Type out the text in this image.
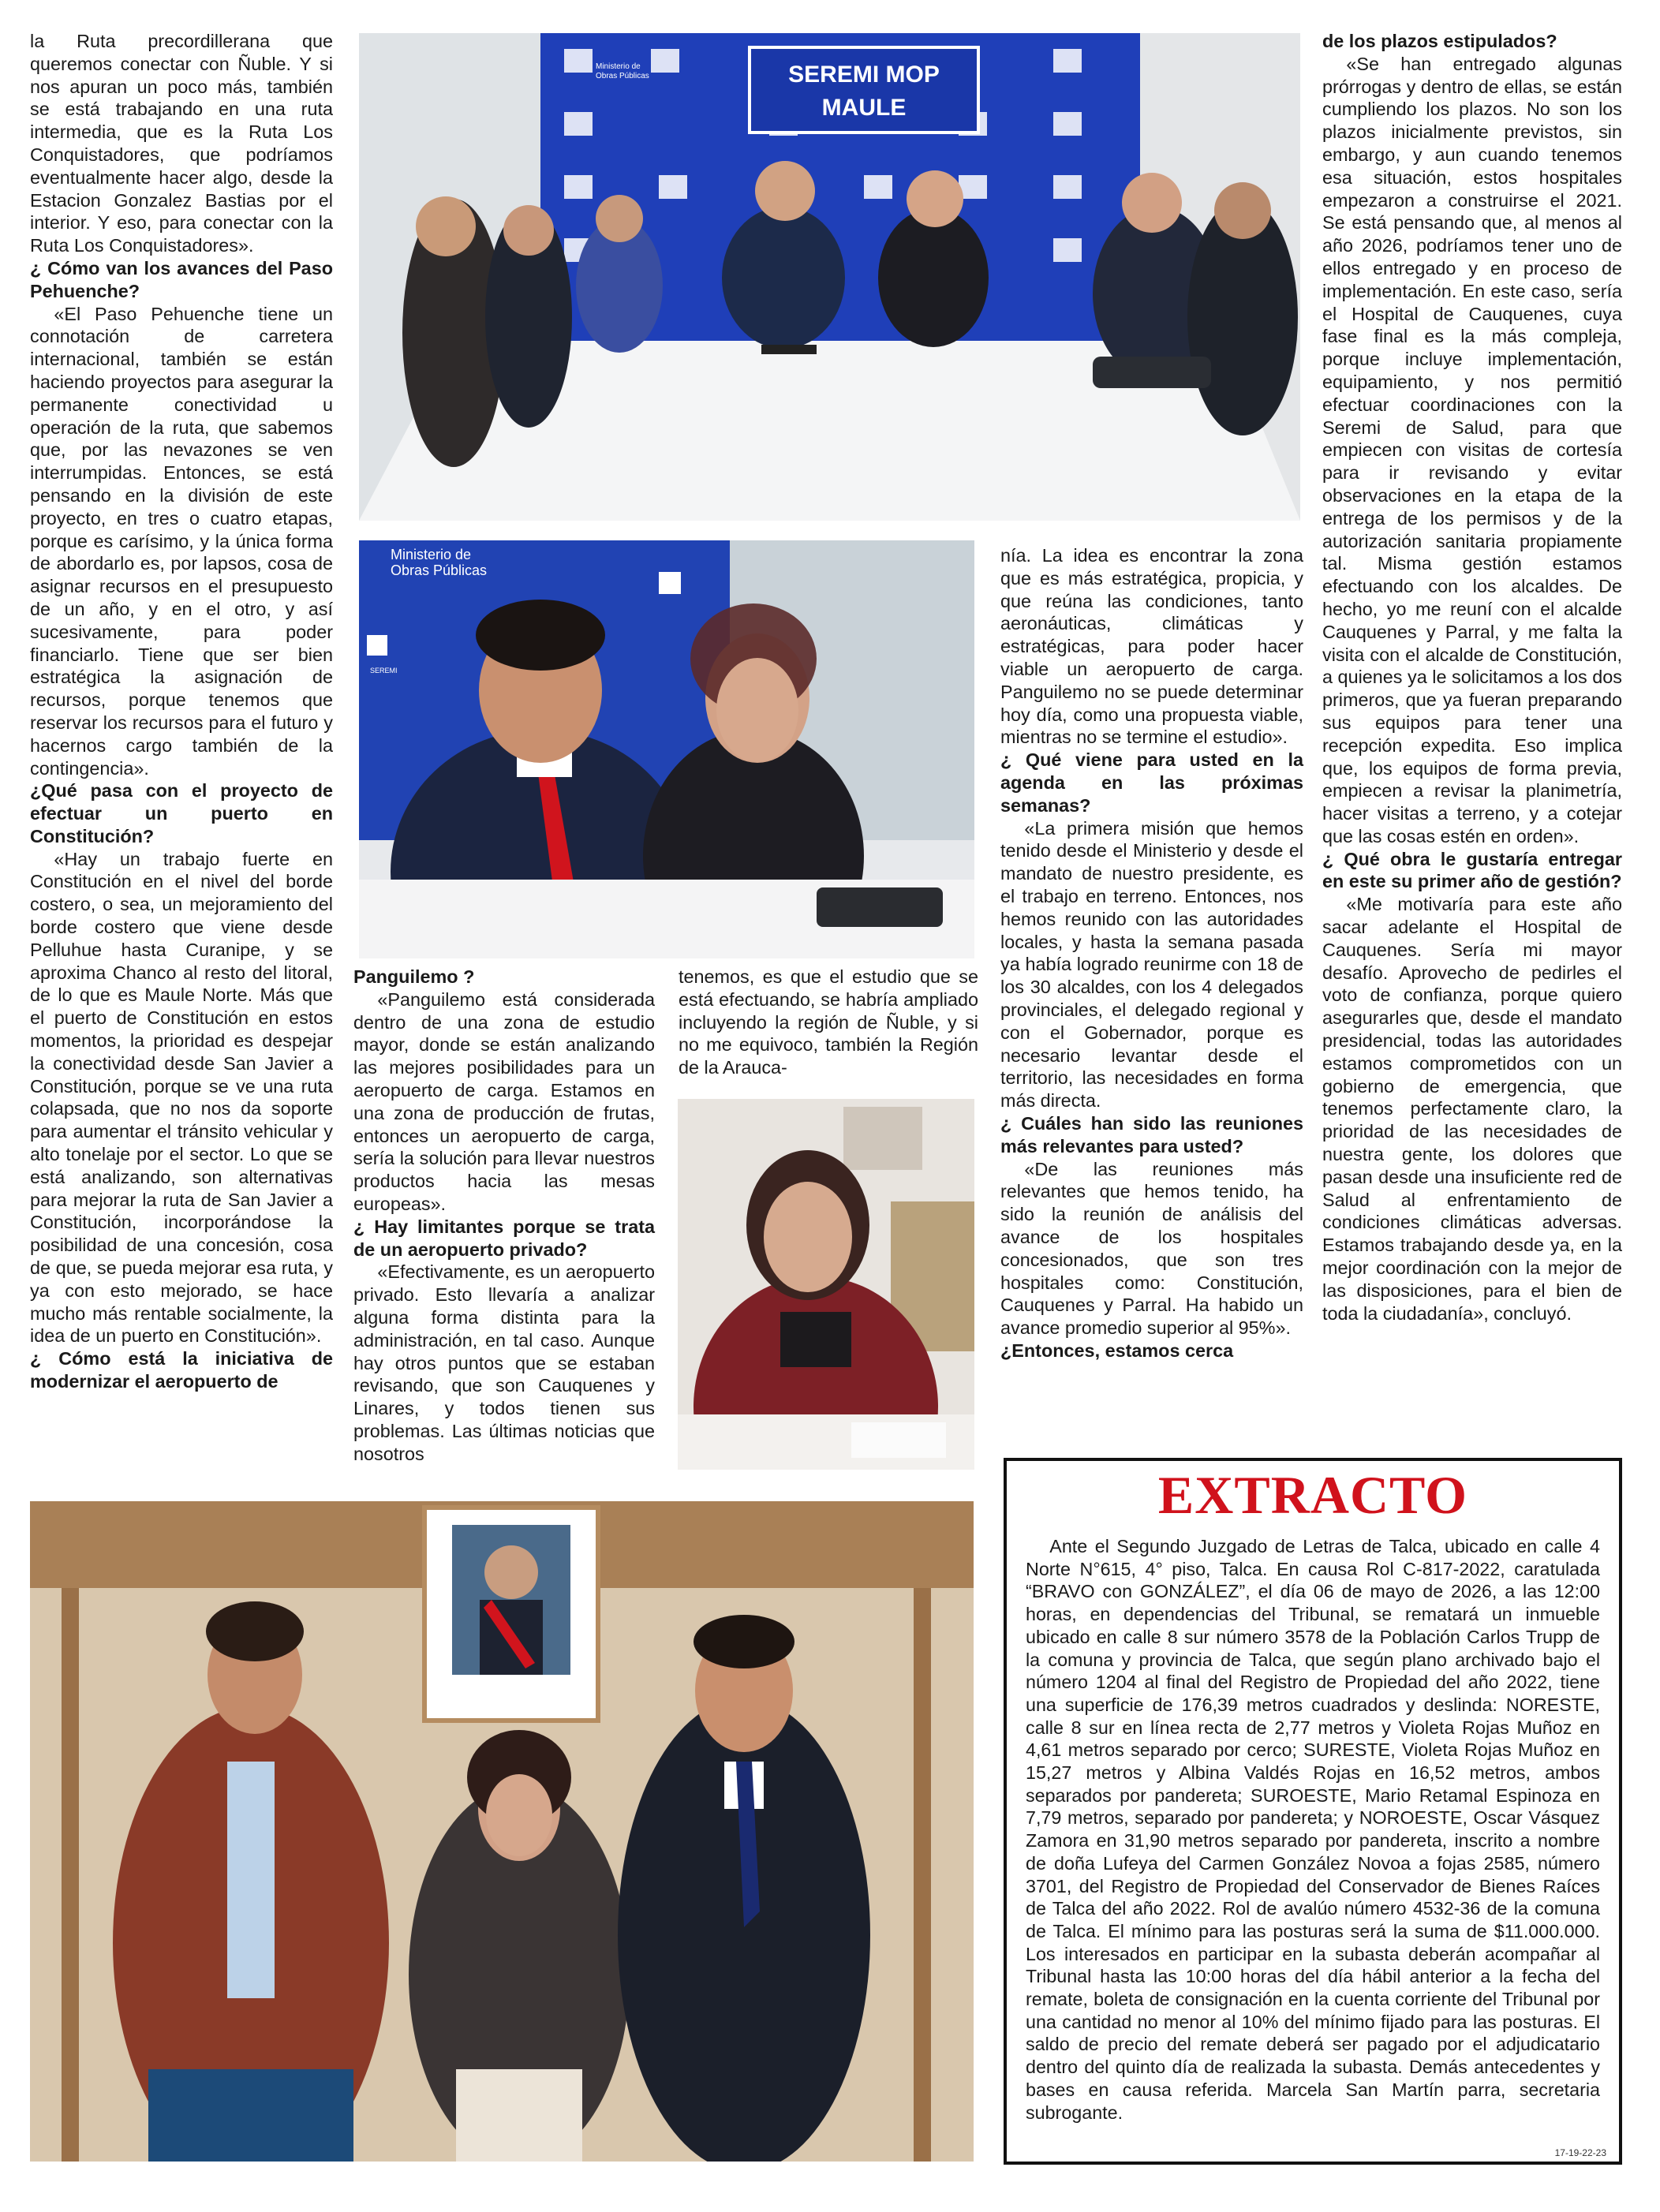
la Ruta precordillerana que queremos conectar con Ñuble. Y si nos apuran un poco más, también se está trabajando en una ruta intermedia, que es la Ruta Los Conquistadores, que podríamos eventualmente hacer algo, desde la Estacion Gonzalez Bastias por el interior. Y eso, para conectar con la Ruta Los Conquistadores».

¿ Cómo van los avances del Paso Pehuenche?

«El Paso Pehuenche tiene un connotación de carretera internacional, también se están haciendo proyectos para asegurar la permanente conectividad u operación de la ruta, que sabemos que, por las nevazones se ven interrumpidas. Entonces, se está pensando en la división de este proyecto, en tres o cuatro etapas, porque es carísimo, y la única forma de abordarlo es, por lapsos, cosa de asignar recursos en el presupuesto de un año, y en el otro, y así sucesivamente, para poder financiarlo. Tiene que ser bien estratégica la asignación de recursos, porque tenemos que reservar los recursos para el futuro y hacernos cargo también de la contingencia».

¿Qué pasa con el proyecto de efectuar un puerto en Constitución?

«Hay un trabajo fuerte en Constitución en el nivel del borde costero, o sea, un mejoramiento del borde costero que viene desde Pelluhue hasta Curanipe, y se aproxima Chanco al resto del litoral, de lo que es Maule Norte. Más que el puerto de Constitución en estos momentos, la prioridad es despejar la conectividad desde San Javier a Constitución, porque se ve una ruta colapsada, que no nos da soporte para aumentar el tránsito vehicular y alto tonelaje por el sector. Lo que se está analizando, son alternativas para mejorar la ruta de San Javier a Constitución, incorporándose la posibilidad de una concesión, cosa de que, se pueda mejorar esa ruta, y ya con esto mejorado, se hace mucho más rentable socialmente, la idea de un puerto en Constitución».

¿ Cómo está la iniciativa de modernizar el aeropuerto de

Panguilemo ?

«Panguilemo está considerada dentro de una zona de estudio mayor, donde se están analizando las mejores posibilidades para un aeropuerto de carga. Estamos en una zona de producción de frutas, entonces un aeropuerto de carga, sería la solución para llevar nuestros productos hacia las mesas europeas».

¿ Hay limitantes porque se trata de un aeropuerto privado?

«Efectivamente, es un aeropuerto privado. Esto llevaría a analizar alguna forma distinta para la administración, en tal caso. Aunque hay otros puntos que se estaban revisando, que son Cauquenes y Linares, y todos tienen sus problemas. Las últimas noticias que nosotros

tenemos, es que el estudio que se está efectuando, se habría ampliado incluyendo la región de Ñuble, y si no me equivoco, también la Región de la Arauca-

nía. La idea es encontrar la zona que es más estratégica, propicia, y que reúna las condiciones, tanto aeronáuticas, climáticas y estratégicas, para poder hacer viable un aeropuerto de carga. Panguilemo no se puede determinar hoy día, como una propuesta viable, mientras no se termine el estudio».

¿ Qué viene para usted en la agenda en las próximas semanas?

«La primera misión que hemos tenido desde el Ministerio y desde el mandato de nuestro presidente, es el trabajo en terreno. Entonces, nos hemos reunido con las autoridades locales, y hasta la semana pasada ya había logrado reunirme con 18 de los 30 alcaldes, con los 4 delegados provinciales, el delegado regional y con el Gobernador, porque es necesario levantar desde el territorio, las necesidades en forma más directa.

¿ Cuáles han sido las reuniones más relevantes para usted?

«De las reuniones más relevantes que hemos tenido, ha sido la reunión de análisis del avance de los hospitales concesionados, que son tres hospitales como: Constitución, Cauquenes y Parral. Ha habido un avance promedio superior al 95%».

¿Entonces, estamos cerca

de los plazos estipulados?

«Se han entregado algunas prórrogas y dentro de ellas, se están cumpliendo los plazos. No son los plazos inicialmente previstos, sin embargo, y aun cuando tenemos esa situación, estos hospitales empezaron a construirse el 2021. Se está pensando que, al menos al año 2026, podríamos tener uno de ellos entregado y en proceso de implementación. En este caso, sería el Hospital de Cauquenes, cuya fase final es la más compleja, porque incluye implementación, equipamiento, y nos permitió efectuar coordinaciones con la Seremi de Salud, para que empiecen con visitas de cortesía para ir revisando y evitar observaciones en la etapa de la entrega de los permisos y de la autorización sanitaria propiamente tal. Misma gestión estamos efectuando con los alcaldes. De hecho, yo me reuní con el alcalde Cauquenes y Parral, y me falta la visita con el alcalde de Constitución, a quienes ya le solicitamos a los dos primeros, que ya fueran preparando sus equipos para tener una recepción expedita. Eso implica que, los equipos de forma previa, empiecen a revisar la planimetría, hacer visitas a terreno, y a cotejar que las cosas estén en orden».

¿ Qué obra le gustaría entregar en este su primer año de gestión?

«Me motivaría para este año sacar adelante el Hospital de Cauquenes. Sería mi mayor desafío. Aprovecho de pedirles el voto de confianza, porque quiero asegurarles que, desde el mandato presidencial, todas las autoridades estamos comprometidos con un gobierno de emergencia, que tenemos perfectamente claro, la prioridad de las necesidades de nuestra gente, los dolores que pasan desde una insuficiente red de Salud al enfrentamiento de condiciones climáticas adversas. Estamos trabajando desde ya, en la mejor coordinación con la mejor de las disposiciones, para el bien de toda la ciudadanía», concluyó.

Ministerio de
Obras Públicas	SEREMI MOP
MAULE
Ministerio de
Obras Públicas
SEREMI
EXTRACTO

Ante el Segundo Juzgado de Letras de Talca, ubicado en calle 4 Norte N°615, 4° piso, Talca. En causa Rol C-817-2022, caratulada “BRAVO con GONZÁLEZ”, el día 06 de mayo de 2026, a las 12:00 horas, en dependencias del Tribunal, se rematará un inmueble ubicado en calle 8 sur número 3578 de la Población Carlos Trupp de la comuna y provincia de Talca, que según plano archivado bajo el número 1204 al final del Registro de Propiedad del año 2022, tiene una superficie de 176,39 metros cuadrados y deslinda: NORESTE, calle 8 sur en línea recta de 2,77 metros y Violeta Rojas Muñoz en 4,61 metros separado por cerco; SURESTE, Violeta Rojas Muñoz en 15,27 metros y Albina Valdés Rojas en 16,52 metros, ambos separados por pandereta; SUROESTE, Mario Retamal Espinoza en 7,79 metros, separado por pandereta; y NOROESTE, Oscar Vásquez Zamora en 31,90 metros separado por pandereta, inscrito a nombre de doña Lufeya del Carmen González Novoa a fojas 2585, número 3701, del Registro de Propiedad del Conservador de Bienes Raíces de Talca del año 2022. Rol de avalúo número 4532-36 de la comuna de Talca. El mínimo para las posturas será la suma de $11.000.000. Los interesados en participar en la subasta deberán acompañar al Tribunal hasta las 10:00 horas del día hábil anterior a la fecha del remate, boleta de consignación en la cuenta corriente del Tribunal por una cantidad no menor al 10% del mínimo fijado para las posturas. El saldo de precio del remate deberá ser pagado por el adjudicatario dentro del quinto día de realizada la subasta. Demás antecedentes y bases en causa referida. Marcela San Martín parra, secretaria subrogante.

17-19-22-23
